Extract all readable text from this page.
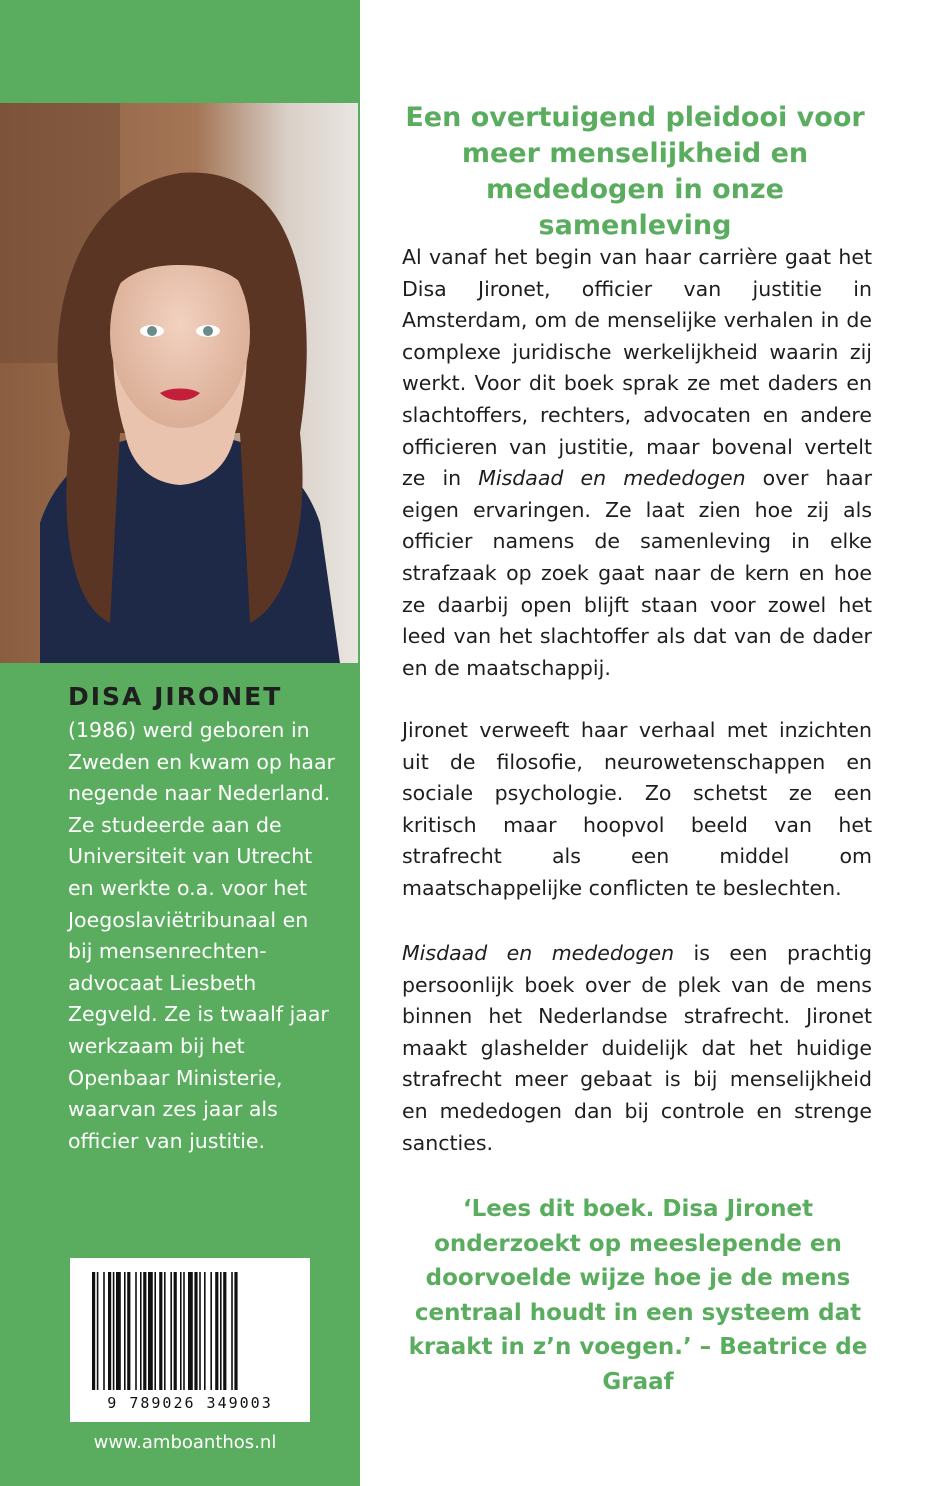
DISA JIRONET

(1986) werd geboren in Zweden en kwam op haar negende naar Nederland. Ze studeerde aan de Universiteit van Utrecht en werkte o.a. voor het Joegoslaviëtribunaal en bij mensenrechten-advocaat Liesbeth Zegveld. Ze is twaalf jaar werkzaam bij het Openbaar Ministerie, waarvan zes jaar als officier van justitie.

9 789026 349003
www.amboanthos.nl
Een overtuigend pleidooi voor meer menselijkheid en mededogen in onze samenleving

Al vanaf het begin van haar carrière gaat het Disa Jironet, officier van justitie in Amsterdam, om de menselijke verhalen in de complexe juridische werkelijkheid waarin zij werkt. Voor dit boek sprak ze met daders en slachtoffers, rechters, advocaten en andere officieren van justitie, maar bovenal vertelt ze in Misdaad en mededogen over haar eigen ervaringen. Ze laat zien hoe zij als officier namens de samenleving in elke strafzaak op zoek gaat naar de kern en hoe ze daarbij open blijft staan voor zowel het leed van het slachtoffer als dat van de dader en de maatschappij.

Jironet verweeft haar verhaal met inzichten uit de filosofie, neurowetenschappen en sociale psychologie. Zo schetst ze een kritisch maar hoopvol beeld van het strafrecht als een middel om maatschappelijke conflicten te beslechten.

Misdaad en mededogen is een prachtig persoonlijk boek over de plek van de mens binnen het Nederlandse strafrecht. Jironet maakt glashelder duidelijk dat het huidige strafrecht meer gebaat is bij menselijkheid en mededogen dan bij controle en strenge sancties.

‘Lees dit boek. Disa Jironet onderzoekt op meeslepende en doorvoelde wijze hoe je de mens centraal houdt in een systeem dat kraakt in z’n voegen.’ – Beatrice de Graaf
